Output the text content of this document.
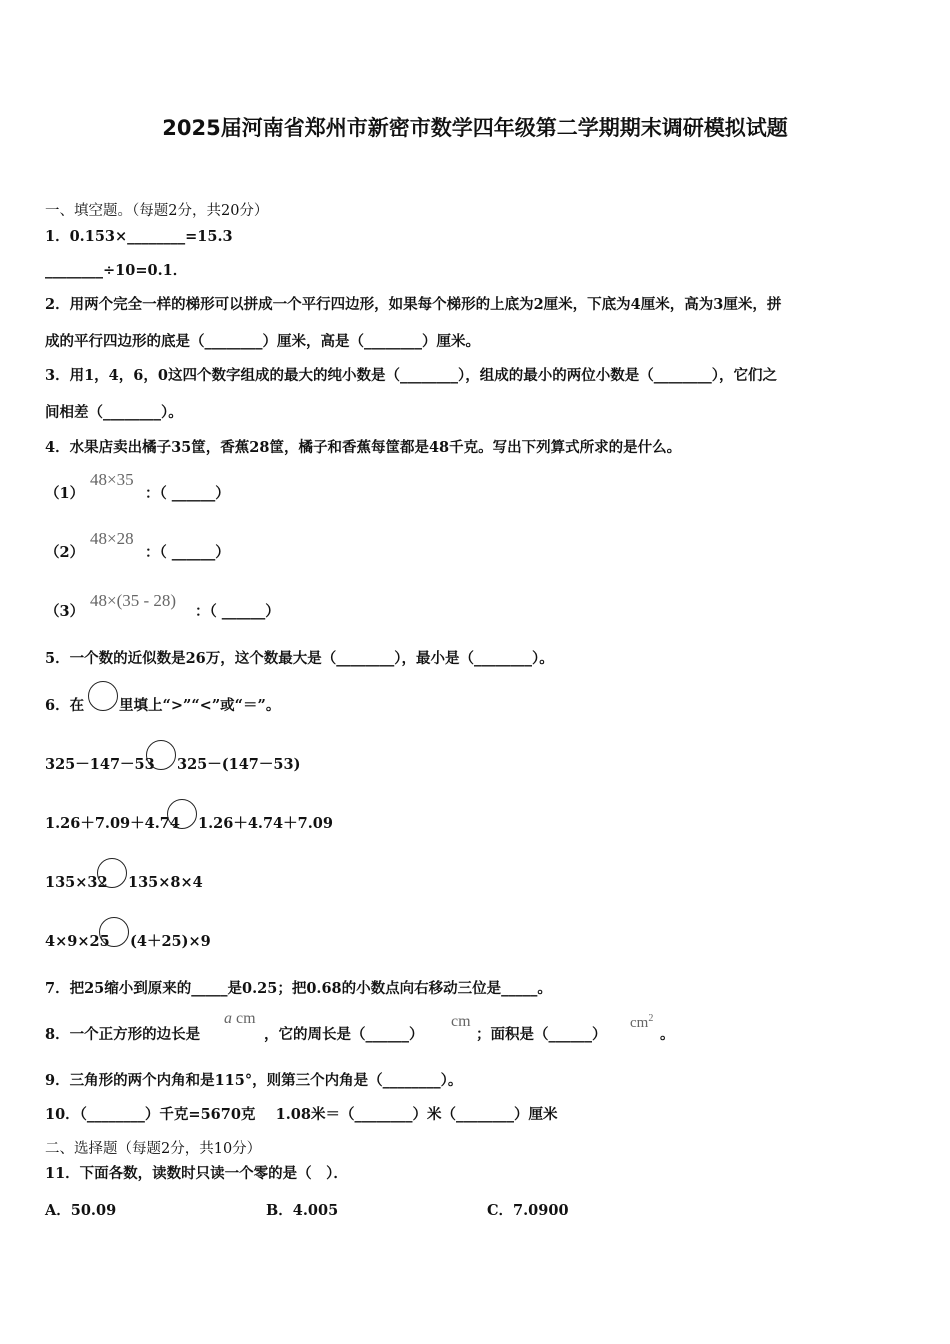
2025届河南省郑州市新密市数学四年级第二学期期末调研模拟试题
一、填空题。（每题2分，共20分）
1．0.153×________=15.3
________÷10=0.1．
2．用两个完全一样的梯形可以拼成一个平行四边形，如果每个梯形的上底为2厘米，下底为4厘米，高为3厘米，拼
成的平行四边形的底是（________）厘米，高是（________）厘米。
3．用1，4，6，0这四个数字组成的最大的纯小数是（________），组成的最小的两位小数是（________），它们之
间相差（________）。
4．水果店卖出橘子35筐，香蕉28筐，橘子和香蕉每筐都是48千克。写出下列算式所求的是什么。
（1）
48×35
：（ ______）
（2）
48×28
：（ ______）
（3）
48×(35 - 28)
：（ ______）
5．一个数的近似数是26万，这个数最大是（________），最小是（________）。
6．在 里填上“>”“<”或“＝”。
325－147－53 325－(147－53)
1.26＋7.09＋4.74 1.26＋4.74＋7.09
135×32 135×8×4
4×9×25 (4＋25)×9
7．把25缩小到原来的_____是0.25；把0.68的小数点向右移动三位是_____。
8．一个正方形的边长是
a cm
，它的周长是（______）
cm
；面积是（______）
$cm^2$
。
9．三角形的两个内角和是115°，则第三个内角是（________）。
10．（________）千克=5670克    1.08米＝（________）米（________）厘米
二、选择题（每题2分，共10分）
11．下面各数，读数时只读一个零的是（　）．
A．50.09	B．4.005	C．7.0900
